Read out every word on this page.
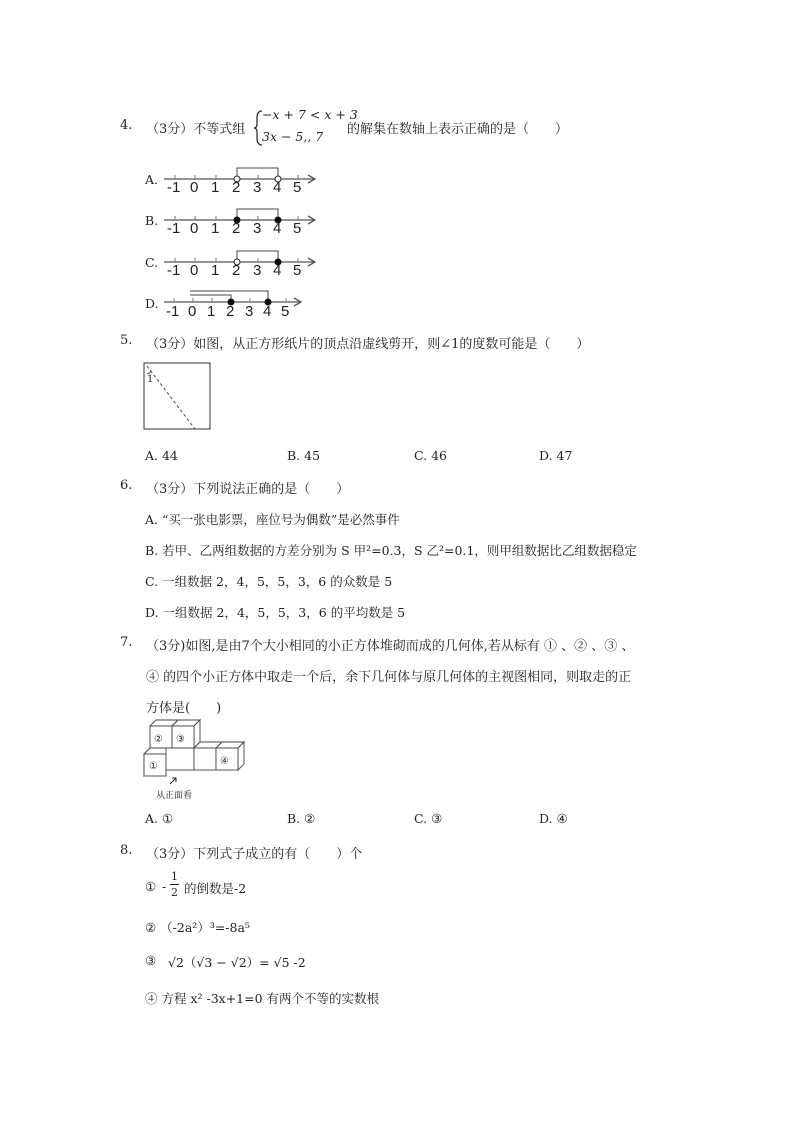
4. （3分）不等式组
−x + 7 < x + 3
3x − 5,, 7 的解集在数轴上表示正确的是（　　）
A.
B.
C.
D.
-1 0 1 2 3 4 5
-1 0 1 2 3 4 5
-1 0 1 2 3 4 5
-1 0 1 2 3 4 5
5. （3分）如图，从正方形纸片的顶点沿虚线剪开，则∠1的度数可能是（　　）
1
A. 44	B. 45	C. 46	D. 47
6. （3分）下列说法正确的是（　　）
A. “买一张电影票，座位号为偶数”是必然事件
B. 若甲、乙两组数据的方差分别为 S 甲²=0.3，S 乙²=0.1，则甲组数据比乙组数据稳定
C. 一组数据 2，4，5，5，3，6 的众数是 5
D. 一组数据 2，4，5，5，3，6 的平均数是 5
7. （3分)如图,是由7个大小相同的小正方体堆砌而成的几何体,若从标有 ① 、② 、③ 、
④ 的四个小正方体中取走一个后，余下几何体与原几何体的主视图相同，则取走的正
方体是(　　)
② ③
①	④
从正面看
A. ①	B. ②	C. ③	D. ④
8. （3分）下列式子成立的有（　　）个
① -
1
2 的倒数是-2
② （-2a²）³=-8a⁵
③ √2（√3 − √2）= √5 -2
④ 方程 x² -3x+1=0 有两个不等的实数根
